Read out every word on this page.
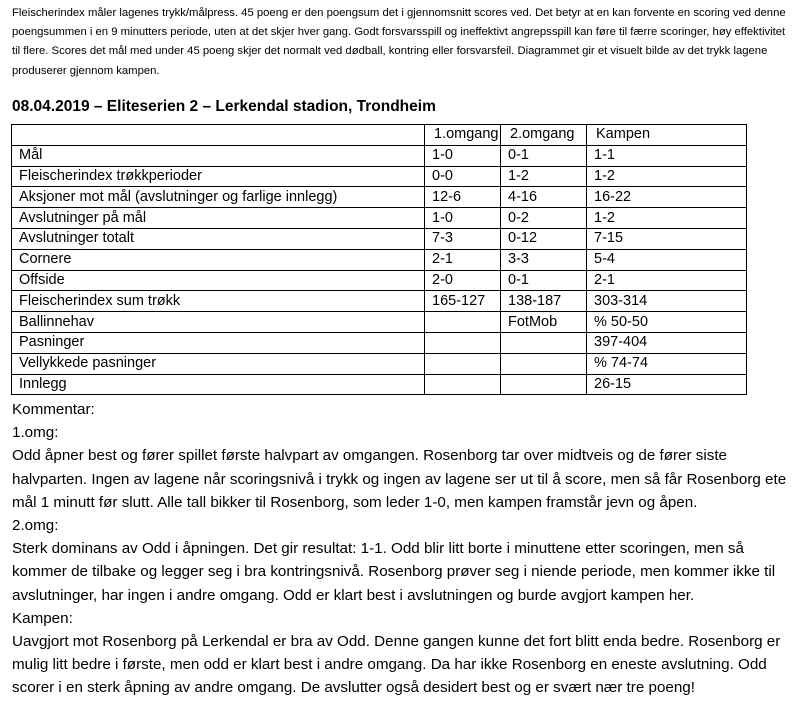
Fleischerindex måler lagenes trykk/målpress. 45 poeng er den poengsum det i gjennomsnitt scores ved. Det betyr at en kan forvente en scoring ved denne poengsummen i en 9 minutters periode, uten at det skjer hver gang. Godt forsvarsspill og ineffektivt angrepsspill kan føre til færre scoringer, høy effektivitet til flere. Scores det mål med under 45 poeng skjer det normalt ved dødball, kontring eller forsvarsfeil. Diagrammet gir et visuelt bilde av det trykk lagene produserer gjennom kampen.
08.04.2019 – Eliteserien 2 – Lerkendal stadion, Trondheim
	1.omgang	2.omgang	Kampen
Mål	1-0	0-1	1-1
Fleischerindex trøkkperioder	0-0	1-2	1-2
Aksjoner mot mål (avslutninger og farlige innlegg)	12-6	4-16	16-22
Avslutninger på mål	1-0	0-2	1-2
Avslutninger totalt	7-3	0-12	7-15
Cornere	2-1	3-3	5-4
Offside	2-0	0-1	2-1
Fleischerindex sum trøkk	165-127	138-187	303-314
Ballinnehav		FotMob	% 50-50
Pasninger			397-404
Vellykkede pasninger			% 74-74
Innlegg			26-15

Kommentar:

1.omg:

Odd åpner best og fører spillet første halvpart av omgangen. Rosenborg tar over midtveis og de fører siste halvparten. Ingen av lagene når scoringsnivå i trykk og ingen av lagene ser ut til å score, men så får Rosenborg ete mål 1 minutt før slutt. Alle tall bikker til Rosenborg, som leder 1-0, men kampen framstår jevn og åpen.

2.omg:

Sterk dominans av Odd i åpningen. Det gir resultat: 1-1. Odd blir litt borte i minuttene etter scoringen, men så kommer de tilbake og legger seg i bra kontringsnivå. Rosenborg prøver seg i niende periode, men kommer ikke til avslutninger, har ingen i andre omgang. Odd er klart best i avslutningen og burde avgjort kampen her.

Kampen:

Uavgjort mot Rosenborg på Lerkendal er bra av Odd. Denne gangen kunne det fort blitt enda bedre. Rosenborg er mulig litt bedre i første, men odd er klart best i andre omgang. Da har ikke Rosenborg en eneste avslutning. Odd scorer i en sterk åpning av andre omgang. De avslutter også desidert best og er svært nær tre poeng!
